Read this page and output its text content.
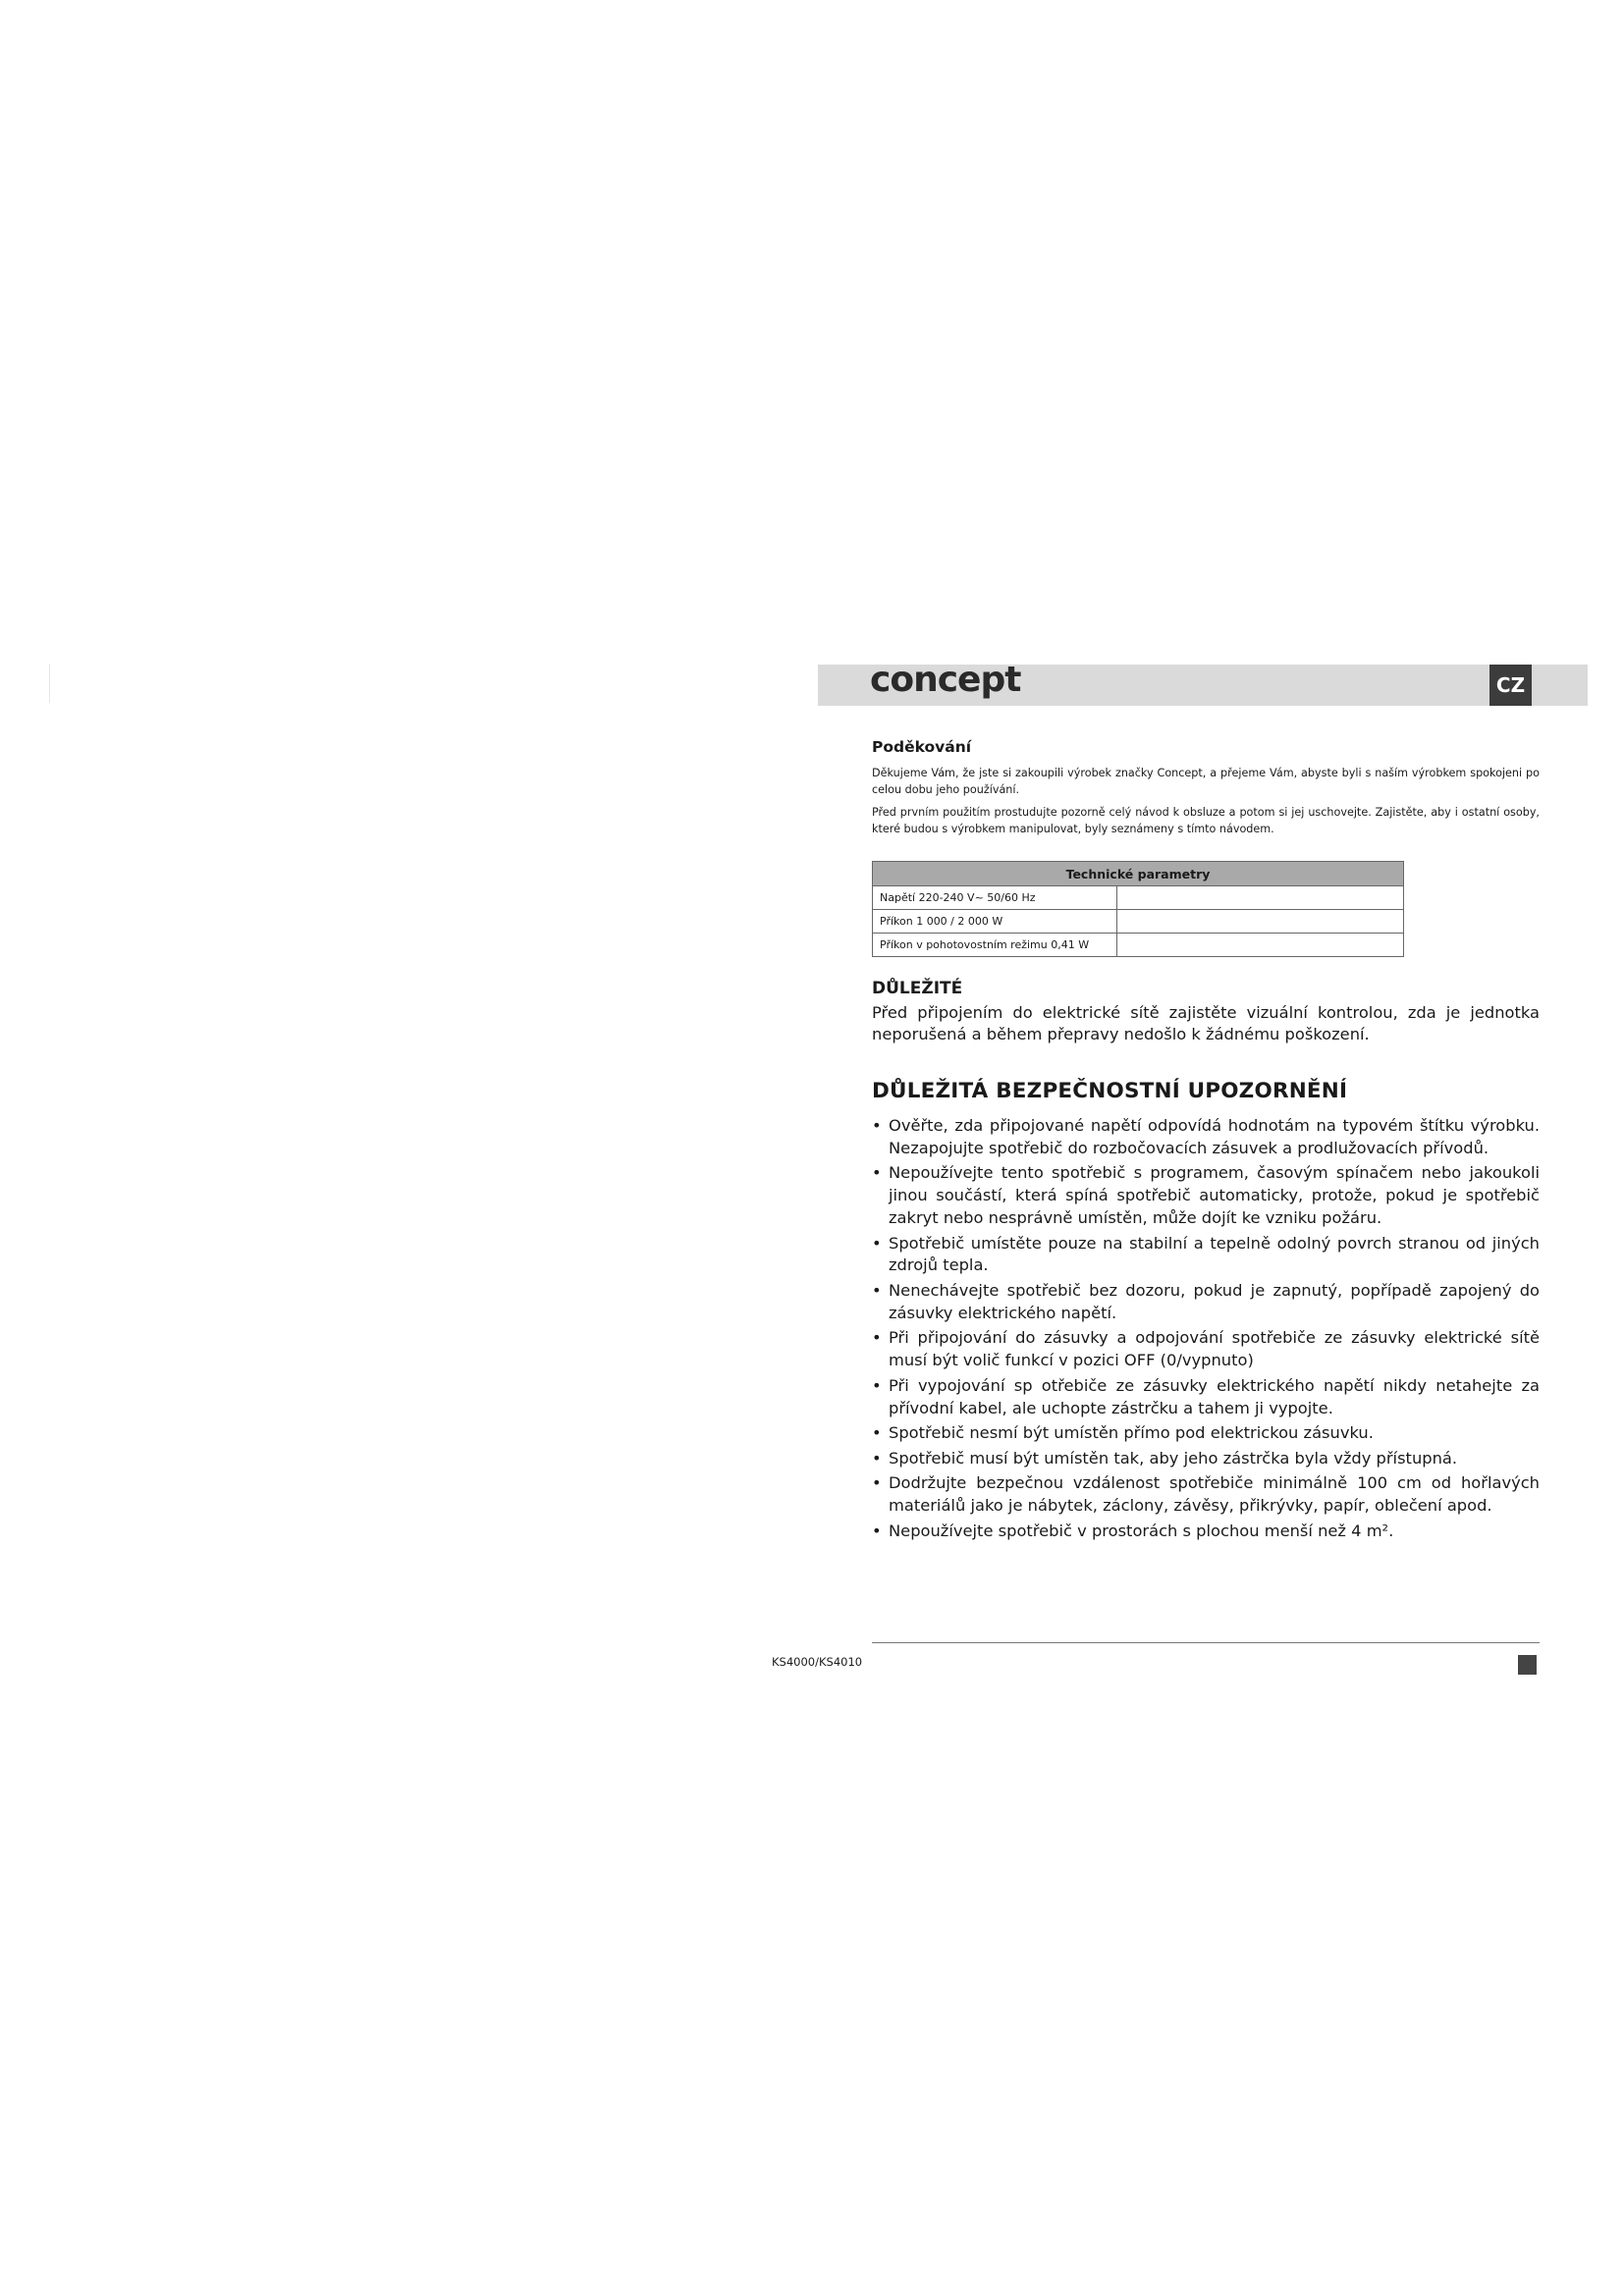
concept	CZ
Poděkování

Děkujeme Vám, že jste si zakoupili výrobek značky Concept, a přejeme Vám, abyste byli s naším výrobkem spokojeni po celou dobu jeho používání.

Před prvním použitím prostudujte pozorně celý návod k obsluze a potom si jej uschovejte. Zajistěte, aby i ostatní osoby, které budou s výrobkem manipulovat, byly seznámeny s tímto návodem.

Technické parametry	
Napětí 220-240 V~ 50/60 Hz	
Příkon 1 000 / 2 000 W	
Příkon v pohotovostním režimu 0,41 W	
DŮLEŽITÉ

Před připojením do elektrické sítě zajistěte vizuální kontrolou, zda je jednotka neporušená a během přepravy nedošlo k žádnému poškození.

DŮLEŽITÁ BEZPEČNOSTNÍ UPOZORNĚNÍ
• Ověřte, zda připojované napětí odpovídá hodnotám na typovém štítku výrobku. Nezapojujte spotřebič do rozbočovacích zásuvek a prodlužovacích přívodů.
• Nepoužívejte tento spotřebič s programem, časovým spínačem nebo jakoukoli jinou součástí, která spíná spotřebič automaticky, protože, pokud je spotřebič zakryt nebo nesprávně umístěn, může dojít ke vzniku požáru.
• Spotřebič umístěte pouze na stabilní a tepelně odolný povrch stranou od jiných zdrojů tepla.
• Nenechávejte spotřebič bez dozoru, pokud je zapnutý, popřípadě zapojený do zásuvky elektrického napětí.
• Při připojování do zásuvky a odpojování spotřebiče ze zásuvky elektrické sítě musí být volič funkcí v pozici OFF (0/vypnuto)
• Při vypojování sp otřebiče ze zásuvky elektrického napětí nikdy netahejte za přívodní kabel, ale uchopte zástrčku a tahem ji vypojte.
• Spotřebič nesmí být umístěn přímo pod elektrickou zásuvku.
• Spotřebič musí být umístěn tak, aby jeho zástrčka byla vždy přístupná.
• Dodržujte bezpečnou vzdálenost spotřebiče minimálně 100 cm od hořlavých materiálů jako je nábytek, záclony, závěsy, přikrývky, papír, oblečení apod.
• Nepoužívejte spotřebič v prostorách s plochou menší než 4 m².
KS4000/KS4010
